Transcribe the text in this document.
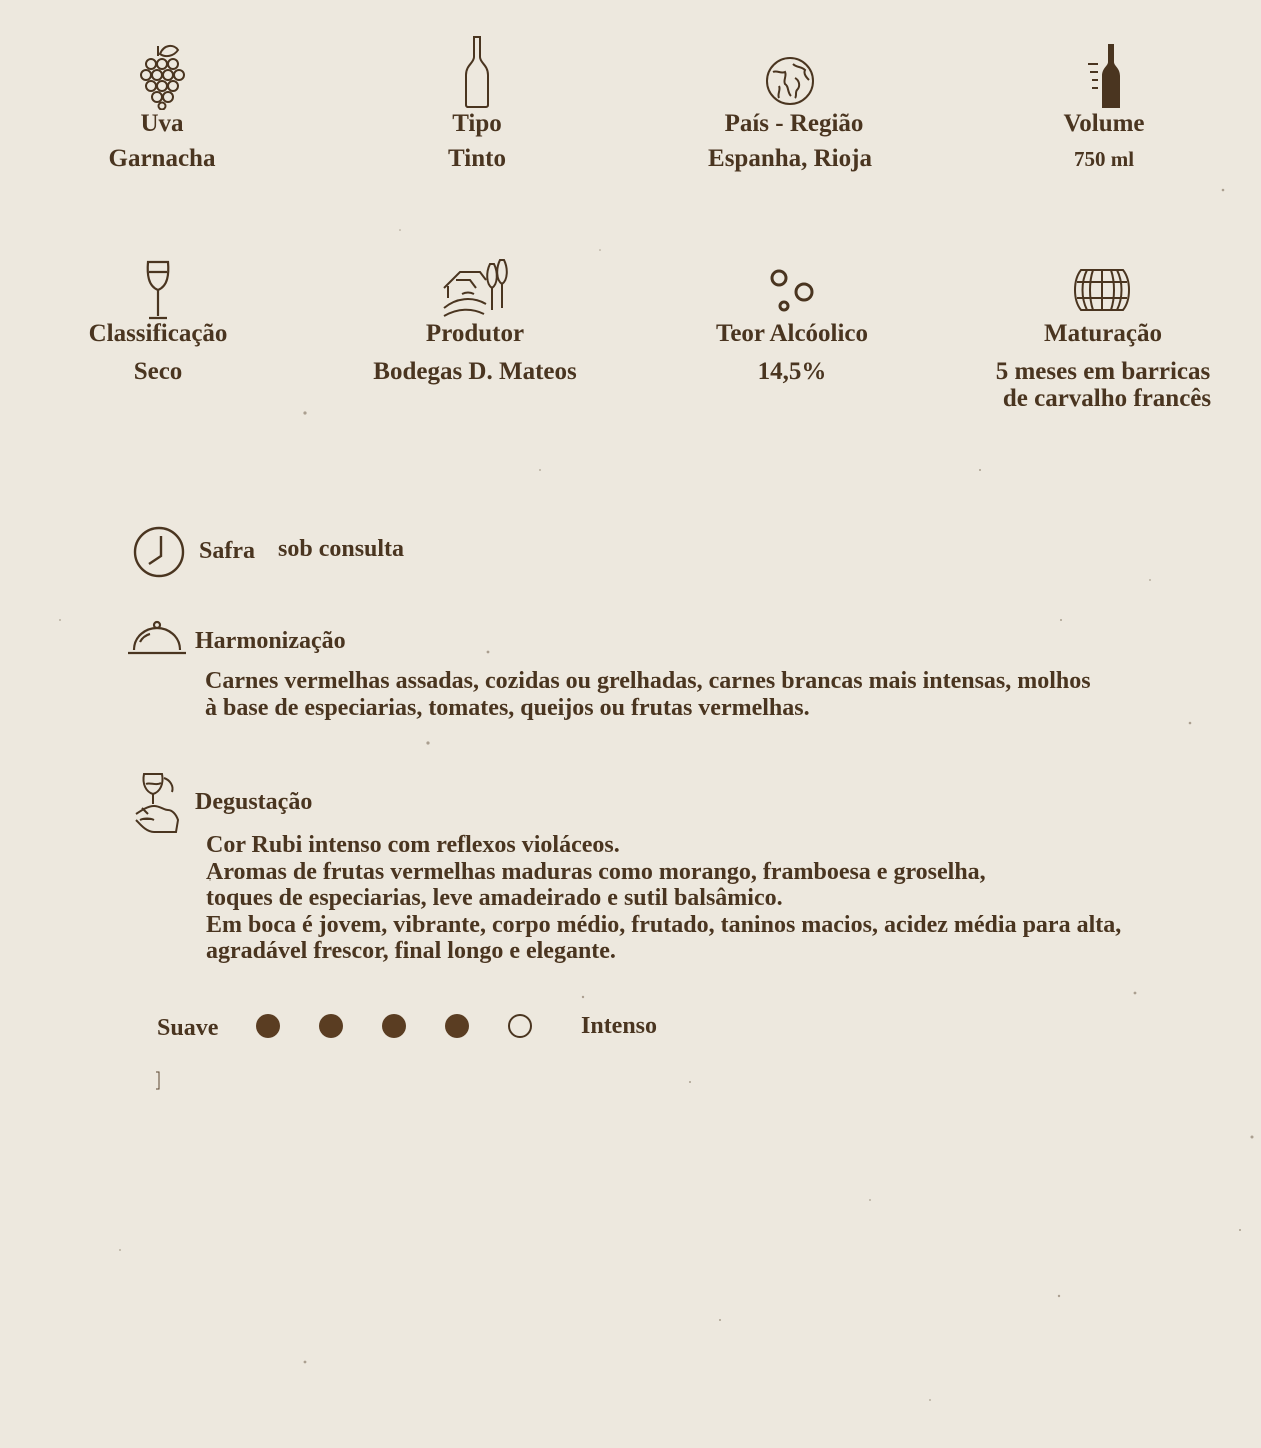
Uva
Garnacha
Tipo
Tinto
País - Região
Espanha, Rioja
Volume
750 ml
Classificação
Seco
Produtor
Bodegas D. Mateos
Teor Alcóolico
14,5%
Maturação
5 meses em barricas
de carvalho francês
Safra sob consulta
Harmonização
Carnes vermelhas assadas, cozidas ou grelhadas, carnes brancas mais intensas, molhos
à base de especiarias, tomates, queijos ou frutas vermelhas.
Degustação
Cor Rubi intenso com reflexos violáceos.
Aromas de frutas vermelhas maduras como morango, framboesa e groselha,
toques de especiarias, leve amadeirado e sutil balsâmico.
Em boca é jovem, vibrante, corpo médio, frutado, taninos macios, acidez média para alta,
agradável frescor, final longo e elegante.
Suave	Intenso
